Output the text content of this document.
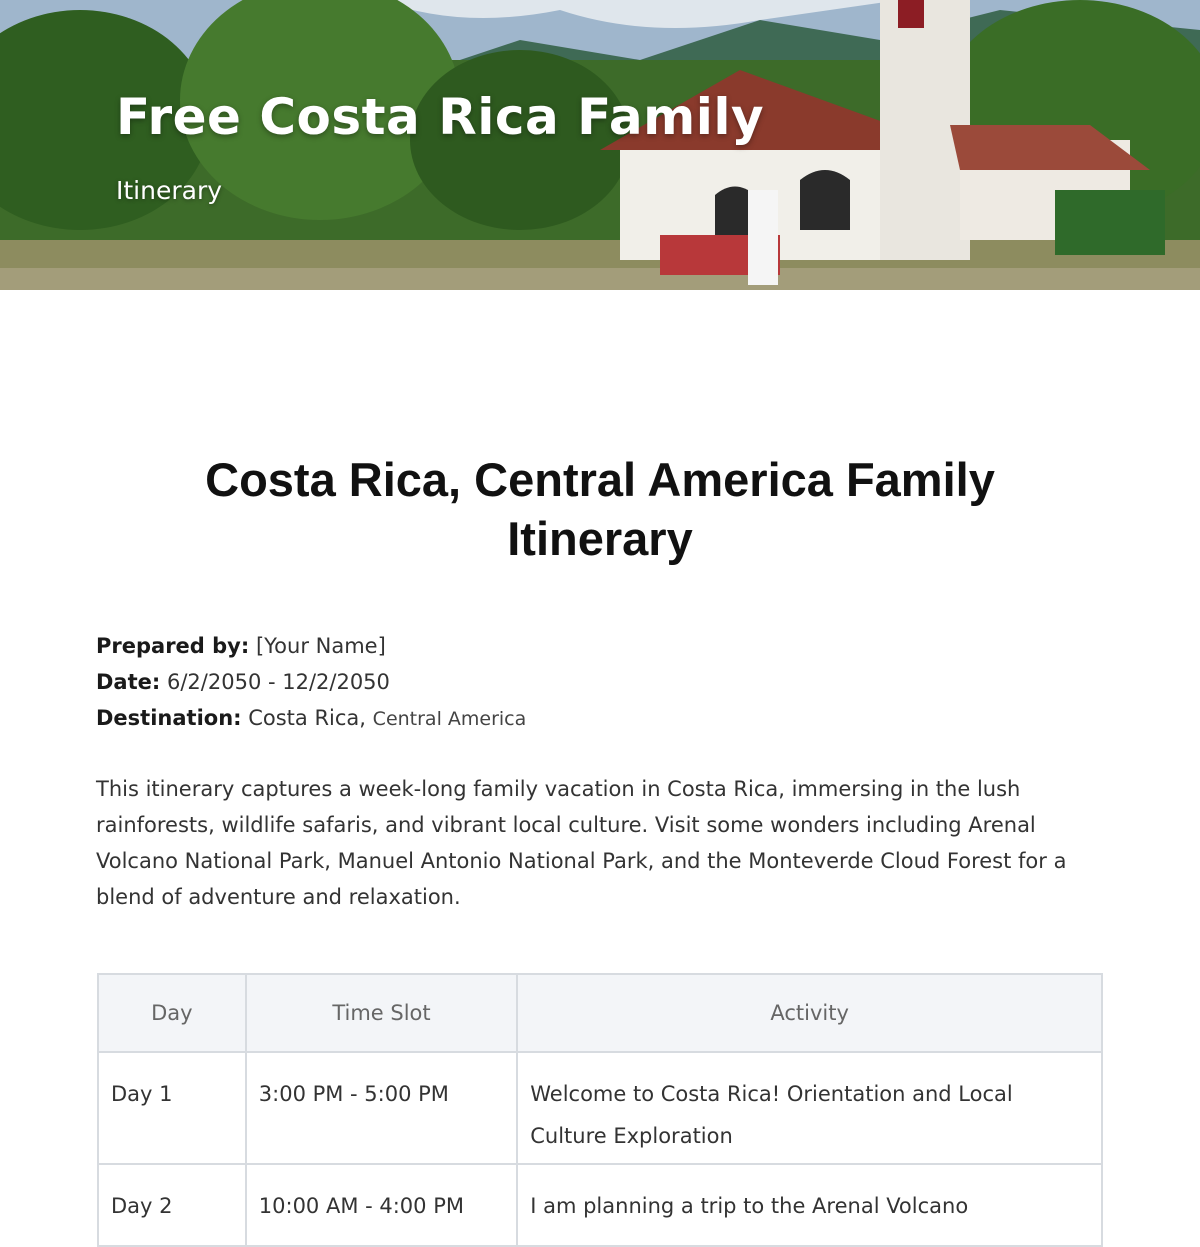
Free Costa Rica Family
Itinerary
Costa Rica, Central America Family Itinerary
Prepared by: [Your Name]
Date: 6/2/2050 - 12/2/2050
Destination: Costa Rica, Central America
This itinerary captures a week-long family vacation in Costa Rica, immersing in the lush rainforests, wildlife safaris, and vibrant local culture. Visit some wonders including Arenal Volcano National Park, Manuel Antonio National Park, and the Monteverde Cloud Forest for a blend of adventure and relaxation.
Day	Time Slot	Activity
Day 1	3:00 PM - 5:00 PM	Welcome to Costa Rica! Orientation and Local Culture Exploration
Day 2	10:00 AM - 4:00 PM	I am planning a trip to the Arenal Volcano
